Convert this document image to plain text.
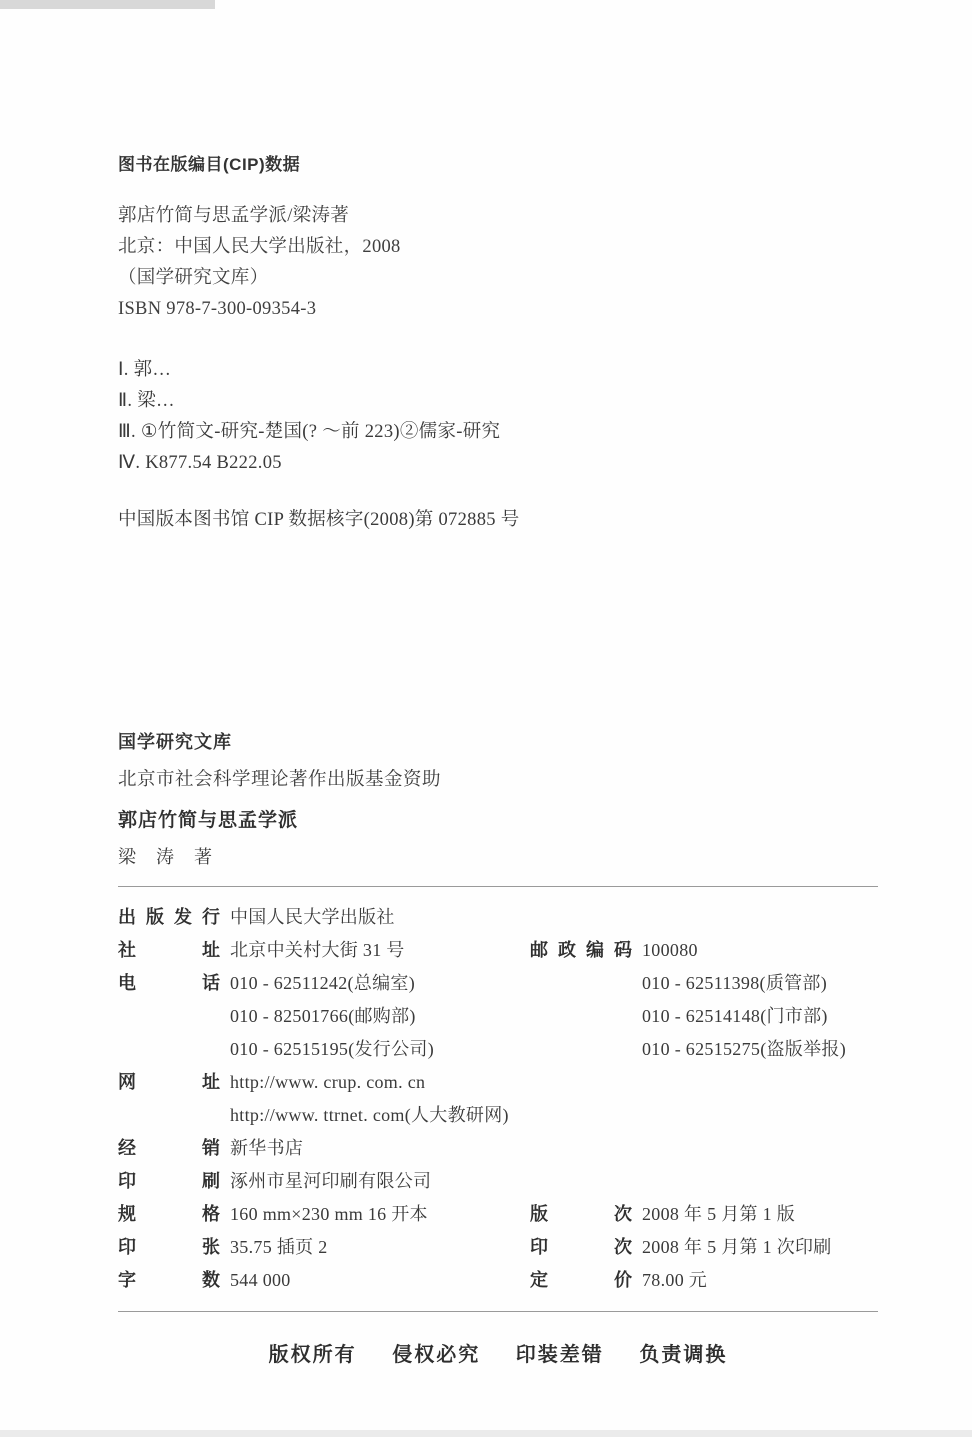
图书在版编目(CIP)数据
郭店竹简与思孟学派/梁涛著
北京：中国人民大学出版社，2008
（国学研究文库）
ISBN 978-7-300-09354-3
Ⅰ. 郭…
Ⅱ. 梁…
Ⅲ. ①竹简文-研究-楚国(? ～前 223)②儒家-研究
Ⅳ. K877.54 B222.05
中国版本图书馆 CIP 数据核字(2008)第 072885 号
国学研究文库
北京市社会科学理论著作出版基金资助
郭店竹简与思孟学派
梁　涛　著
出版发行	中国人民大学出版社		
社　　址	北京中关村大街 31 号	邮政编码	100080
电　　话	010 - 62511242(总编室)		010 - 62511398(质管部)
	010 - 82501766(邮购部)		010 - 62514148(门市部)
	010 - 62515195(发行公司)		010 - 62515275(盗版举报)
网　　址	http://www. crup. com. cn		
	http://www. ttrnet. com(人大教研网)		
经　　销	新华书店		
印　　刷	涿州市星河印刷有限公司		
规　　格	160 mm×230 mm 16 开本	版　　次	2008 年 5 月第 1 版
印　　张	35.75 插页 2	印　　次	2008 年 5 月第 1 次印刷
字　　数	544 000	定　　价	78.00 元
版权所有 侵权必究 印装差错 负责调换
